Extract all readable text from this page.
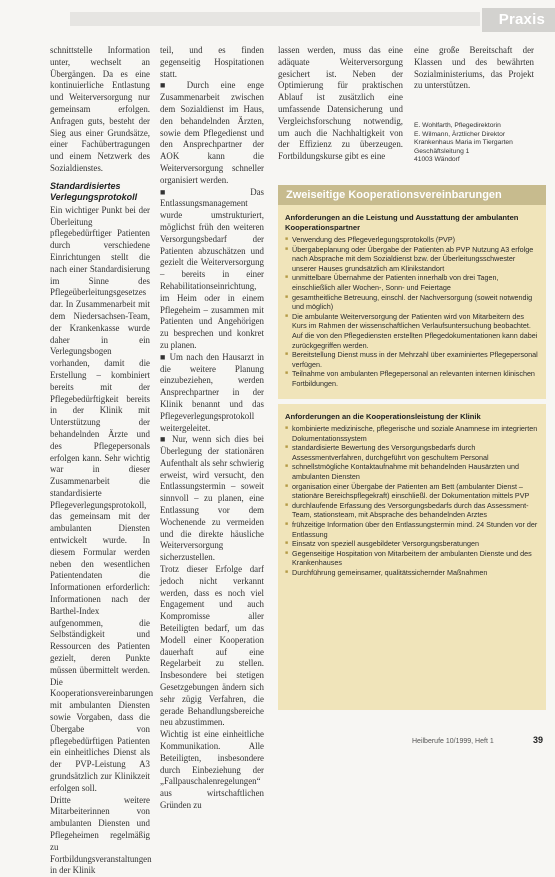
Praxis

schnittstelle Information unter, wechselt an Übergängen. Da es eine kontinuierliche Entlastung und Weiterversorgung nur gemeinsam erfolgen. Anfragen guts, besteht der Sieg aus einer Grundsätze, einer Fachübertragungen und einem Netzwerk des Sozialdienstes.

Standardisiertes Verlegungsprotokoll

Ein wichtiger Punkt bei der Überleitung pflegebedürftiger Patienten durch verschiedene Einrichtungen stellt die nach einer Standardisierung im Sinne des Pflegeüberleitungsgesetzes dar. In Zusammenarbeit mit dem Niedersachsen-Team, der Krankenkasse wurde daher in ein Verlegungsbogen vorhanden, damit die Erstellung – kombiniert bereits mit der Pflegebedürftigkeit bereits in der Klinik mit Unterstützung der behandelnden Ärzte und des Pflegepersonals erfolgen kann. Sehr wichtig war in dieser Zusammenarbeit die standardisierte Pflegeverlegungsprotokoll, das gemeinsam mit der ambulanten Diensten entwickelt wurde. In diesem Formular werden neben den wesentlichen Patientendaten die Informationen erforderlich: Informationen nach der Barthel-Index aufgenommen, die Selbständigkeit und Ressourcen des Patienten gezielt, deren Punkte müssen übermittelt werden. Die Kooperationsvereinbarungen mit ambulanten Diensten sowie Vorgaben, dass die Übergabe von pflegebedürftigen Patienten ein einheitliches Dienst als der PVP-Leistung A3 grundsätzlich zur Klinikzeit erfolgen soll.

Dritte weitere Mitarbeiterinnen von ambulanten Diensten und Pflegeheimen regelmäßig zu Fortbildungsveranstaltungen in der Klinik

teil, und es finden gegenseitig Hospitationen statt.

■ Durch eine enge Zusammenarbeit zwischen dem Sozialdienst im Haus, den behandelnden Ärzten, sowie dem Pflegedienst und den Ansprechpartner der AOK kann die Weiterversorgung schneller organisiert werden.

■ Das Entlassungsmanagement wurde umstrukturiert, möglichst früh den weiteren Versorgungsbedarf der Patienten abzuschätzen und gezielt die Weiterversorgung – bereits in einer Rehabilitationseinrichtung, im Heim oder in einem Pflegeheim – zusammen mit Patienten und Angehörigen zu besprechen und konkret zu planen.

■ Um nach den Hausarzt in die weitere Planung einzubeziehen, werden Ansprechpartner in der Klinik benannt und das Pflegeverlegungsprotokoll weitergeleitet.

■ Nur, wenn sich dies bei Überlegung der stationären Aufenthalt als sehr schwierig erweist, wird versucht, den Entlassungstermin – soweit sinnvoll – zu planen, eine Entlassung vor dem Wochenende zu vermeiden und die direkte häusliche Weiterversorgung sicherzustellen.

Trotz dieser Erfolge darf jedoch nicht verkannt werden, dass es noch viel Engagement und auch Kompromisse aller Beteiligten bedarf, um das Modell einer Kooperation dauerhaft auf eine Regelarbeit zu stellen. Insbesondere bei stetigen Gesetzgebungen ändern sich sehr zügig Verfahren, die gerade Behandlungsbereiche neu abzustimmen.

Wichtig ist eine einheitliche Kommunikation. Alle Beteiligten, insbesondere durch Einbeziehung der „Fallpauschalenregelungen“ aus wirtschaftlichen Gründen zu

lassen werden, muss das eine adäquate Weiterversorgung gesichert ist. Neben der Optimierung für praktischen Ablauf ist zusätzlich eine umfassende Datensicherung und Vergleichsforschung notwendig, um auch die Nachhaltigkeit von der Effizienz zu überzeugen. Fortbildungskurse gibt es eine

eine große Bereitschaft der Klassen und des bewährten Sozialministeriums, das Projekt zu unterstützen.

E. Wohlfarth, Pflegedirektorin
E. Wilmann, Ärztlicher Direktor
Krankenhaus Maria im Tiergarten
Geschäftsleitung 1
41003 Wändorf
Zweiseitige Kooperationsvereinbarungen
Anforderungen an die Leistung und Ausstattung der ambulanten Kooperationspartner
■ Verwendung des Pflegeverlegungsprotokolls (PVP)
■ Übergabeplanung oder Übergabe der Patienten ab PVP Nutzung A3 erfolge nach Absprache mit dem Sozialdienst bzw. der Überleitungsschwester unserer Hauses grundsätzlich am Klinikstandort
■ unmittelbare Übernahme der Patienten innerhalb von drei Tagen, einschließlich aller Wochen-, Sonn- und Feiertage
■ gesamtheitliche Betreuung, einschl. der Nachversorgung (soweit notwendig und möglich)
■ Die ambulante Weiterversorgung der Patienten wird von Mitarbeitern des Kurs im Rahmen der wissenschaftlichen Verlaufsuntersuchung beobachtet. Auf die von den Pflegediensten erstellten Pflegedokumentationen kann dabei zurückgegriffen werden.
■ Bereitstellung Dienst muss in der Mehrzahl über examiniertes Pflegepersonal verfügen.
■ Teilnahme von ambulanten Pflegepersonal an relevanten internen klinischen Fortbildungen.
Anforderungen an die Kooperationsleistung der Klinik
■ kombinierte medizinische, pflegerische und soziale Anamnese im integrierten Dokumentationssystem
■ standardisierte Bewertung des Versorgungsbedarfs durch Assessmentverfahren, durchgeführt von geschultem Personal
■ schnellstmögliche Kontaktaufnahme mit behandelnden Hausärzten und ambulanten Diensten
■ organisation einer Übergabe der Patienten am Bett (ambulanter Dienst – stationäre Bereichspflegekraft) einschließl. der Dokumentation mittels PVP
■ durchlaufende Erfassung des Versorgungsbedarfs durch das Assessment-Team, stationsteam, mit Absprache des behandelnden Arztes
■ frühzeitige Information über den Entlassungstermin mind. 24 Stunden vor der Entlassung
■ Einsatz von speziell ausgebildeter Versorgungsberatungen
■ Gegenseitige Hospitation von Mitarbeitern der ambulanten Dienste und des Krankenhauses
■ Durchführung gemeinsamer, qualitätssichernder Maßnahmen
Heilberufe 10/1999, Heft 1	39
